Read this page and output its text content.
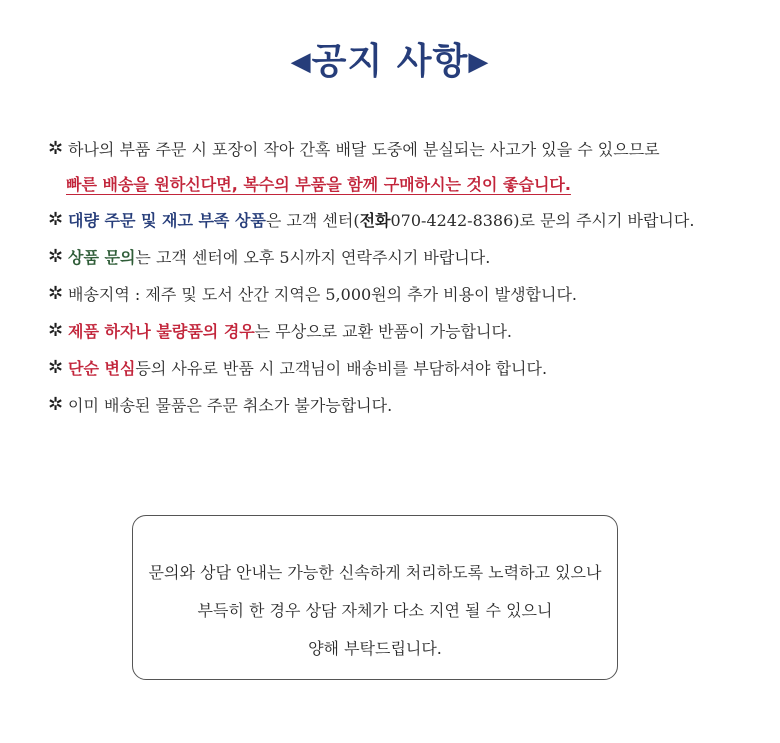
◀공지 사항▶
✲ 하나의 부품 주문 시 포장이 작아 간혹 배달 도중에 분실되는 사고가 있을 수 있으므로
빠른 배송을 원하신다면, 복수의 부품을 함께 구매하시는 것이 좋습니다.
✲ 대량 주문 및 재고 부족 상품 은 고객 센터( 전화 070-4242-8386)로 문의 주시기 바랍니다.
✲ 상품 문의 는 고객 센터에 오후 5시까지 연락주시기 바랍니다.
✲ 배송지역 : 제주 및 도서 산간 지역은 5,000원의 추가 비용이 발생합니다.
✲ 제품 하자나 불량품의 경우 는 무상으로 교환 반품이 가능합니다.
✲ 단순 변심 등의 사유로 반품 시 고객님이 배송비를 부담하셔야 합니다.
✲ 이미 배송된 물품은 주문 취소가 불가능합니다.
문의와 상담 안내는 가능한 신속하게 처리하도록 노력하고 있으나
부득히 한 경우 상담 자체가 다소 지연 될 수 있으니
양해 부탁드립니다.
